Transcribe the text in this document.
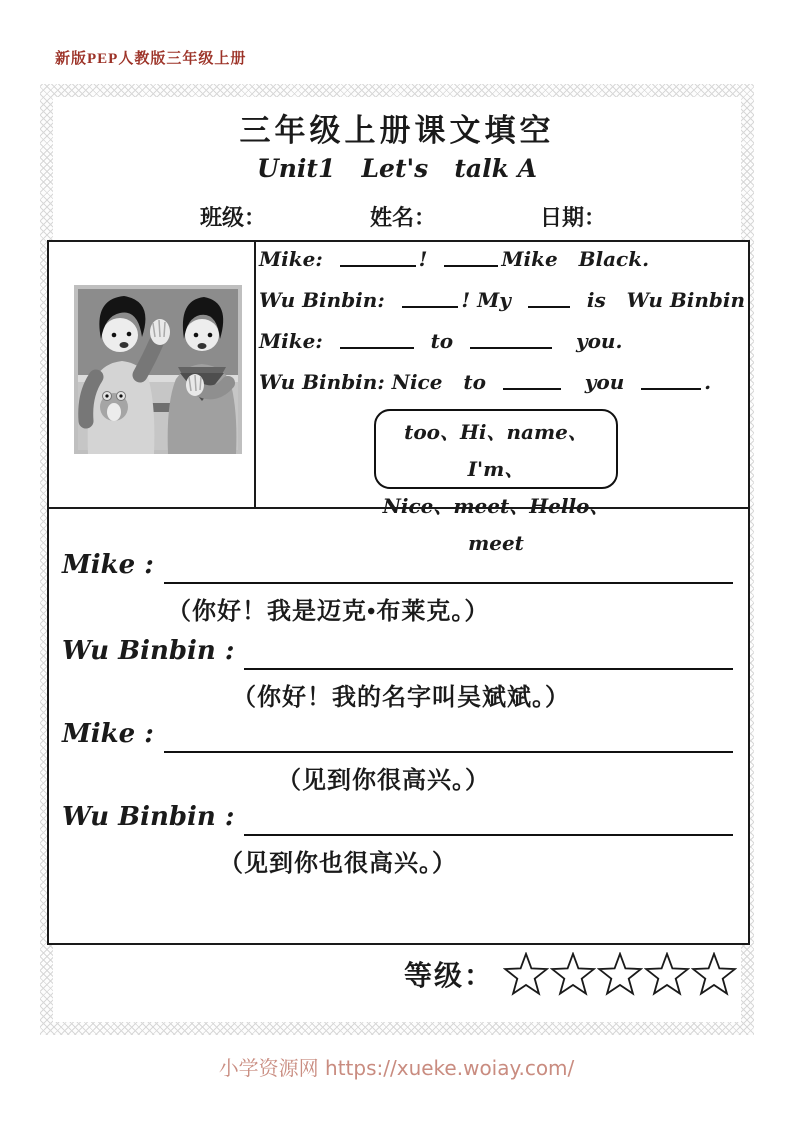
新版PEP人教版三年级上册
三年级上册课文填空
Unit1   Let's   talk A
班级：	姓名：	日期：
Mike:	!	Mike   Black.
Wu Binbin:	! My is   Wu Binbin
Mike:	to	you.
Wu Binbin: Nice   to	you	.
too、Hi、name、I'm、
Nice、meet、Hello、meet
Mike :
（你好！我是迈克•布莱克。）
Wu Binbin :
（你好！我的名字叫吴斌斌。）
Mike :
（见到你很高兴。）
Wu Binbin :
（见到你也很高兴。）
等级：
小学资源网 https://xueke.woiay.com/
